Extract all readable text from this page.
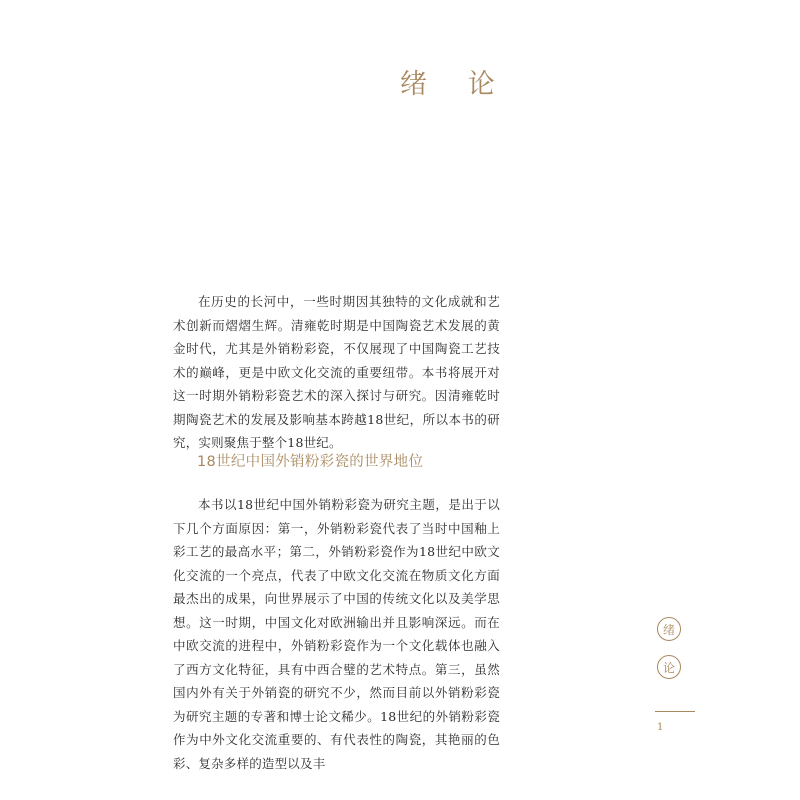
绪 论

在历史的长河中，一些时期因其独特的文化成就和艺术创新而熠熠生辉。清雍乾时期是中国陶瓷艺术发展的黄金时代，尤其是外销粉彩瓷，不仅展现了中国陶瓷工艺技术的巅峰，更是中欧文化交流的重要纽带。本书将展开对这一时期外销粉彩瓷艺术的深入探讨与研究。因清雍乾时期陶瓷艺术的发展及影响基本跨越18世纪，所以本书的研究，实则聚焦于整个18世纪。

18世纪中国外销粉彩瓷的世界地位

本书以18世纪中国外销粉彩瓷为研究主题，是出于以下几个方面原因：第一，外销粉彩瓷代表了当时中国釉上彩工艺的最高水平；第二，外销粉彩瓷作为18世纪中欧文化交流的一个亮点，代表了中欧文化交流在物质文化方面最杰出的成果，向世界展示了中国的传统文化以及美学思想。这一时期，中国文化对欧洲输出并且影响深远。而在中欧交流的进程中，外销粉彩瓷作为一个文化载体也融入了西方文化特征，具有中西合璧的艺术特点。第三，虽然国内外有关于外销瓷的研究不少，然而目前以外销粉彩瓷为研究主题的专著和博士论文稀少。18世纪的外销粉彩瓷作为中外文化交流重要的、有代表性的陶瓷，其艳丽的色彩、复杂多样的造型以及丰

绪
论
1
